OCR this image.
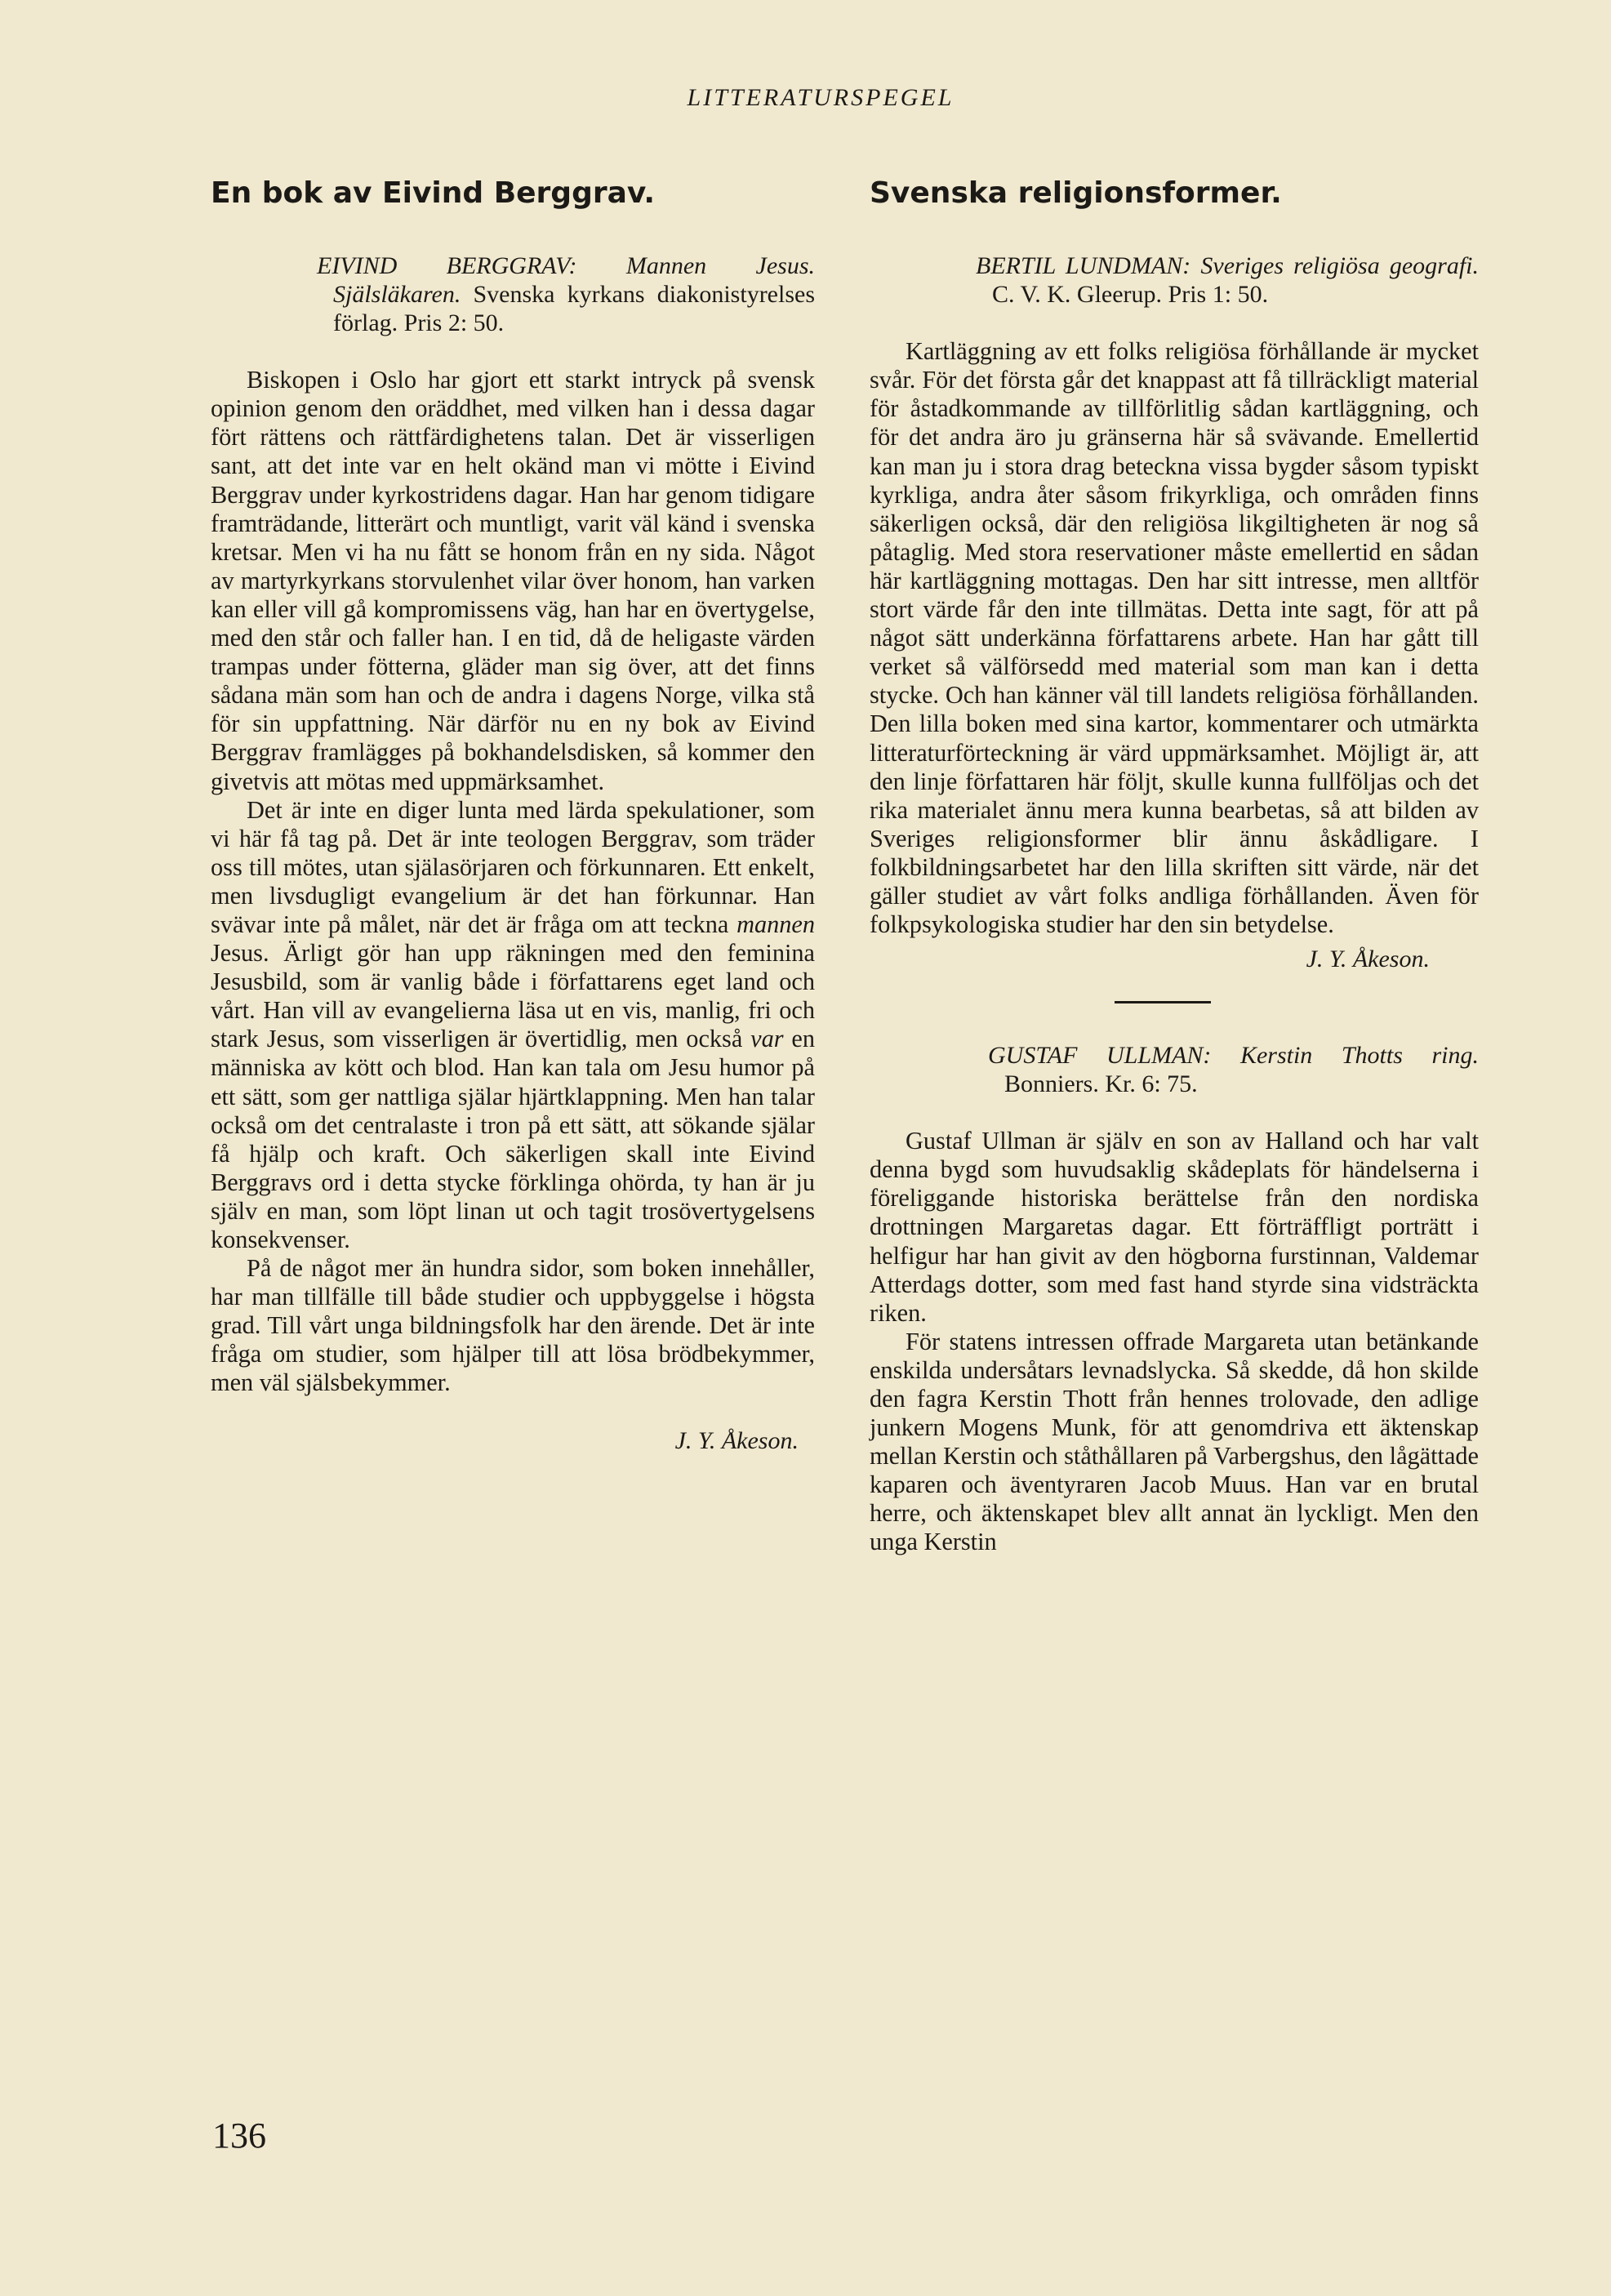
LITTERATURSPEGEL
En bok av Eivind Berggrav.
EIVIND BERGGRAV: Mannen Jesus. Själsläkaren. Svenska kyrkans diakonistyrelses förlag. Pris 2: 50.

Biskopen i Oslo har gjort ett starkt intryck på svensk opinion genom den oräddhet, med vilken han i dessa dagar fört rättens och rättfärdighetens talan. Det är visserligen sant, att det inte var en helt okänd man vi mötte i Eivind Berggrav under kyrkostridens dagar. Han har genom tidigare framträdande, litterärt och muntligt, varit väl känd i svenska kretsar. Men vi ha nu fått se honom från en ny sida. Något av martyrkyrkans storvulenhet vilar över honom, han varken kan eller vill gå kompromissens väg, han har en övertygelse, med den står och faller han. I en tid, då de heligaste värden trampas under fötterna, gläder man sig över, att det finns sådana män som han och de andra i dagens Norge, vilka stå för sin uppfattning. När därför nu en ny bok av Eivind Berggrav framlägges på bokhandelsdisken, så kommer den givetvis att mötas med uppmärksamhet.

Det är inte en diger lunta med lärda spekulationer, som vi här få tag på. Det är inte teologen Berggrav, som träder oss till mötes, utan själasörjaren och förkunnaren. Ett enkelt, men livsdugligt evangelium är det han förkunnar. Han svävar inte på målet, när det är fråga om att teckna mannen Jesus. Ärligt gör han upp räkningen med den feminina Jesusbild, som är vanlig både i författarens eget land och vårt. Han vill av evangelierna läsa ut en vis, manlig, fri och stark Jesus, som visserligen är övertidlig, men också var en människa av kött och blod. Han kan tala om Jesu humor på ett sätt, som ger nattliga själar hjärtklappning. Men han talar också om det centralaste i tron på ett sätt, att sökande själar få hjälp och kraft. Och säkerligen skall inte Eivind Berggravs ord i detta stycke förklinga ohörda, ty han är ju själv en man, som löpt linan ut och tagit trosövertygelsens konsekvenser.

På de något mer än hundra sidor, som boken innehåller, har man tillfälle till både studier och uppbyggelse i högsta grad. Till vårt unga bildningsfolk har den ärende. Det är inte fråga om studier, som hjälper till att lösa brödbekymmer, men väl själsbekymmer.

J. Y. Åkeson.

Svenska religionsformer.
BERTIL LUNDMAN: Sveriges religiösa geografi. C. V. K. Gleerup. Pris 1: 50.

Kartläggning av ett folks religiösa förhållande är mycket svår. För det första går det knappast att få tillräckligt material för åstadkommande av tillförlitlig sådan kartläggning, och för det andra äro ju gränserna här så svävande. Emellertid kan man ju i stora drag beteckna vissa bygder såsom typiskt kyrkliga, andra åter såsom frikyrkliga, och områden finns säkerligen också, där den religiösa likgiltigheten är nog så påtaglig. Med stora reservationer måste emellertid en sådan här kartläggning mottagas. Den har sitt intresse, men alltför stort värde får den inte tillmätas. Detta inte sagt, för att på något sätt underkänna författarens arbete. Han har gått till verket så välförsedd med material som man kan i detta stycke. Och han känner väl till landets religiösa förhållanden. Den lilla boken med sina kartor, kommentarer och utmärkta litteraturförteckning är värd uppmärksamhet. Möjligt är, att den linje författaren här följt, skulle kunna fullföljas och det rika materialet ännu mera kunna bearbetas, så att bilden av Sveriges religionsformer blir ännu åskådligare. I folkbildningsarbetet har den lilla skriften sitt värde, när det gäller studiet av vårt folks andliga förhållanden. Även för folkpsykologiska studier har den sin betydelse.

J. Y. Åkeson.

GUSTAF ULLMAN: Kerstin Thotts ring. Bonniers. Kr. 6: 75.

Gustaf Ullman är själv en son av Halland och har valt denna bygd som huvudsaklig skådeplats för händelserna i föreliggande historiska berättelse från den nordiska drottningen Margaretas dagar. Ett förträffligt porträtt i helfigur har han givit av den högborna furstinnan, Valdemar Atterdags dotter, som med fast hand styrde sina vidsträckta riken.

För statens intressen offrade Margareta utan betänkande enskilda undersåtars levnadslycka. Så skedde, då hon skilde den fagra Kerstin Thott från hennes trolovade, den adlige junkern Mogens Munk, för att genomdriva ett äktenskap mellan Kerstin och ståthållaren på Varbergshus, den lågättade kaparen och äventyraren Jacob Muus. Han var en brutal herre, och äktenskapet blev allt annat än lyckligt. Men den unga Kerstin

136
